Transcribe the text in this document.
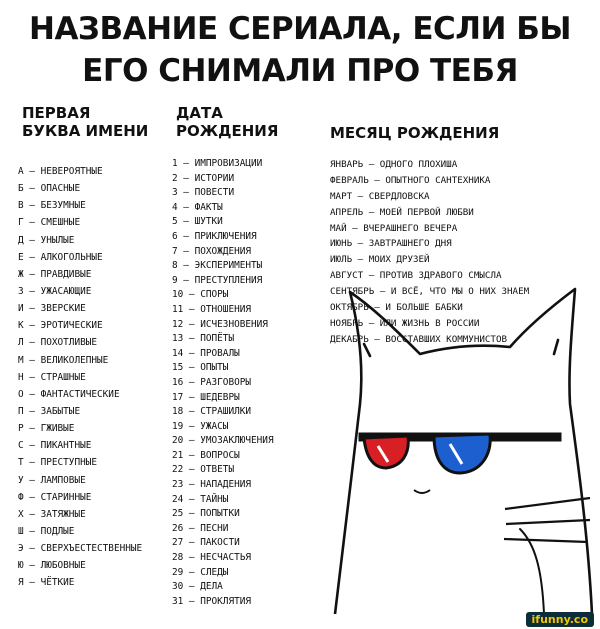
НАЗВАНИЕ СЕРИАЛА, ЕСЛИ БЫ
ЕГО СНИМАЛИ ПРО ТЕБЯ
ПЕРВАЯ
БУКВА ИМЕНИ
ДАТА
РОЖДЕНИЯ	МЕСЯЦ РОЖДЕНИЯ
А – НЕВЕРОЯТНЫЕ
Б – ОПАСНЫЕ
В – БЕЗУМНЫЕ
Г – СМЕШНЫЕ
Д – УНЫЛЫЕ
Е – АЛКОГОЛЬНЫЕ
Ж – ПРАВДИВЫЕ
З – УЖАСАЮЩИЕ
И – ЗВЕРСКИЕ
К – ЭРОТИЧЕСКИЕ
Л – ПОХОТЛИВЫЕ
М – ВЕЛИКОЛЕПНЫЕ
Н – СТРАШНЫЕ
О – ФАНТАСТИЧЕСКИЕ
П – ЗАБЫТЫЕ
Р – ГЖИВЫЕ
С – ПИКАНТНЫЕ
Т – ПРЕСТУПНЫЕ
У – ЛАМПОВЫЕ
Ф – СТАРИННЫЕ
Х – ЗАТЯЖНЫЕ
Ш – ПОДЛЫЕ
Э – СВЕРХЪЕСТЕСТВЕННЫЕ
Ю – ЛЮБОВНЫЕ
Я – ЧЁТКИЕ
1 – ИМПРОВИЗАЦИИ
2 – ИСТОРИИ
3 – ПОВЕСТИ
4 – ФАКТЫ
5 – ШУТКИ
6 – ПРИКЛЮЧЕНИЯ
7 – ПОХОЖДЕНИЯ
8 – ЭКСПЕРИМЕНТЫ
9 – ПРЕСТУПЛЕНИЯ
10 – СПОРЫ
11 – ОТНОШЕНИЯ
12 – ИСЧЕЗНОВЕНИЯ
13 – ПОПЁТЫ
14 – ПРОВАЛЫ
15 – ОПЫТЫ
16 – РАЗГОВОРЫ
17 – ШЕДЕВРЫ
18 – СТРАШИЛКИ
19 – УЖАСЫ
20 – УМОЗАКЛЮЧЕНИЯ
21 – ВОПРОСЫ
22 – ОТВЕТЫ
23 – НАПАДЕНИЯ
24 – ТАЙНЫ
25 – ПОПЫТКИ
26 – ПЕСНИ
27 – ПАКОСТИ
28 – НЕСЧАСТЬЯ
29 – СЛЕДЫ
30 – ДЕЛА
31 – ПРОКЛЯТИЯ
ЯНВАРЬ – ОДНОГО ПЛОХИША
ФЕВРАЛЬ – ОПЫТНОГО САНТЕХНИКА
МАРТ – СВЕРДЛОВСКА
АПРЕЛЬ – МОЕЙ ПЕРВОЙ ЛЮБВИ
МАЙ – ВЧЕРАШНЕГО ВЕЧЕРА
ИЮНЬ – ЗАВТРАШНЕГО ДНЯ
ИЮЛЬ – МОИХ ДРУЗЕЙ
АВГУСТ – ПРОТИВ ЗДРАВОГО СМЫСЛА
СЕНТЯБРЬ – И ВСЁ, ЧТО МЫ О НИХ ЗНАЕМ
ОКТЯБРЬ – И БОЛЬШЕ БАБКИ
НОЯБРЬ – ИЛИ ЖИЗНЬ В РОССИИ
ДЕКАБРЬ – ВОССТАВШИХ КОММУНИСТОВ
ifunny.co
